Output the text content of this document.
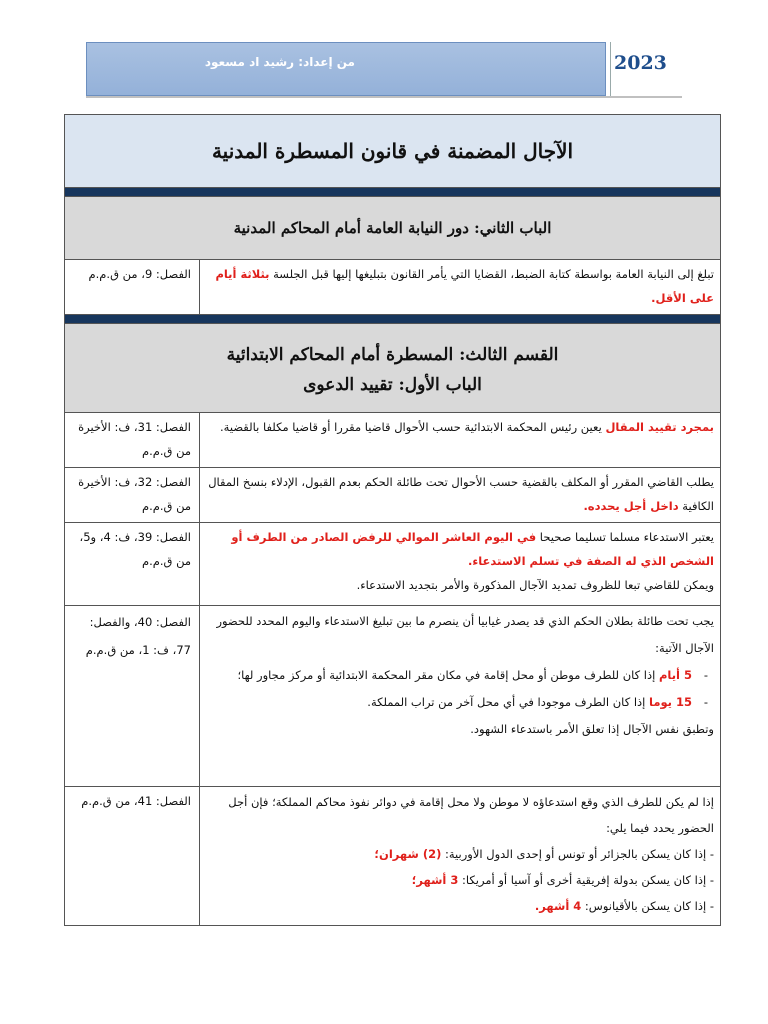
من إعداد: رشيد اد مسعود	2023
الآجال المضمنة في قانون المسطرة المدنية	

الباب الثاني: دور النيابة العامة أمام المحاكم المدنية	
تبلغ إلى النيابة العامة بواسطة كتابة الضبط، القضايا التي يأمر القانون بتبليغها إليها قبل الجلسة بثلاثة أيام على الأقل.	الفصل: 9، من ق.م.م

القسم الثالث: المسطرة أمام المحاكم الابتدائية
الباب الأول: تقييد الدعوى	

بمجرد تقييد المقال يعين رئيس المحكمة الابتدائية حسب الأحوال قاضيا مقررا أو قاضيا مكلفا بالقضية.	الفصل: 31، ف: الأخيرة من ق.م.م
يطلب القاضي المقرر أو المكلف بالقضية حسب الأحوال تحت طائلة الحكم بعدم القبول، الإدلاء بنسخ المقال الكافية داخل أجل يحدده.	الفصل: 32، ف: الأخيرة من ق.م.م
يعتبر الاستدعاء مسلما تسليما صحيحا في اليوم العاشر الموالي للرفض الصادر من الطرف أو الشخص الذي له الصفة في تسلم الاستدعاء.
ويمكن للقاضي تبعا للظروف تمديد الآجال المذكورة والأمر بتجديد الاستدعاء.	الفصل: 39، ف: 4، و5، من ق.م.م

يجب تحت طائلة بطلان الحكم الذي قد يصدر غيابيا أن ينصرم ما بين تبليغ الاستدعاء واليوم المحدد للحضور الآجال الآتية:
- 5 أيام إذا كان للطرف موطن أو محل إقامة في مكان مقر المحكمة الابتدائية أو مركز مجاور لها؛
- 15 يوما إذا كان الطرف موجودا في أي محل آخر من تراب المملكة.
وتطبق نفس الآجال إذا تعلق الأمر باستدعاء الشهود.	الفصل: 40، والفصل: 77، ف: 1، من ق.م.م

إذا لم يكن للطرف الذي وقع استدعاؤه لا موطن ولا محل إقامة في دوائر نفوذ محاكم المملكة؛ فإن أجل الحضور يحدد فيما يلي:
- إذا كان يسكن بالجزائر أو تونس أو إحدى الدول الأوربية: (2) شهران؛
- إذا كان يسكن بدولة إفريقية أخرى أو آسيا أو أمريكا: 3 أشهر؛
- إذا كان يسكن بالأقيانوس: 4 أشهر.	الفصل: 41، من ق.م.م
